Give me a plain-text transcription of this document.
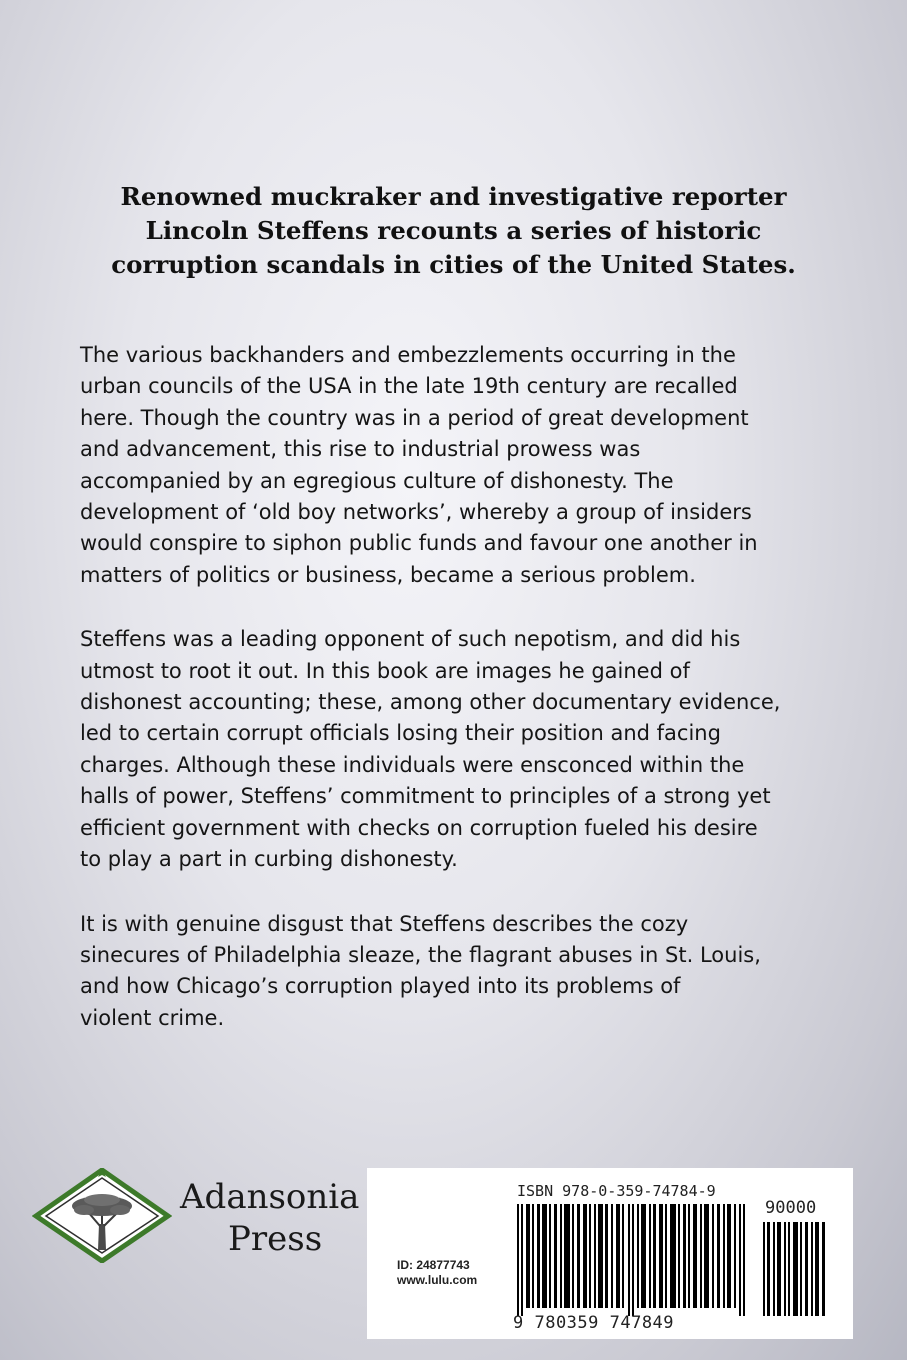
Renowned muckraker and investigative reporter
Lincoln Steffens recounts a series of historic
corruption scandals in cities of the United States.
The various backhanders and embezzlements occurring in the
urban councils of the USA in the late 19th century are recalled
here. Though the country was in a period of great development
and advancement, this rise to industrial prowess was
accompanied by an egregious culture of dishonesty. The
development of ‘old boy networks’, whereby a group of insiders
would conspire to siphon public funds and favour one another in
matters of politics or business, became a serious problem.
Steffens was a leading opponent of such nepotism, and did his
utmost to root it out. In this book are images he gained of
dishonest accounting; these, among other documentary evidence,
led to certain corrupt officials losing their position and facing
charges. Although these individuals were ensconced within the
halls of power, Steffens’ commitment to principles of a strong yet
efficient government with checks on corruption fueled his desire
to play a part in curbing dishonesty.
It is with genuine disgust that Steffens describes the cozy
sinecures of Philadelphia sleaze, the flagrant abuses in St. Louis,
and how Chicago’s corruption played into its problems of
violent crime.
Adansonia
Press
ID: 24877743
www.lulu.com
ISBN 978-0-359-74784-9
90000
9 780359 747849
